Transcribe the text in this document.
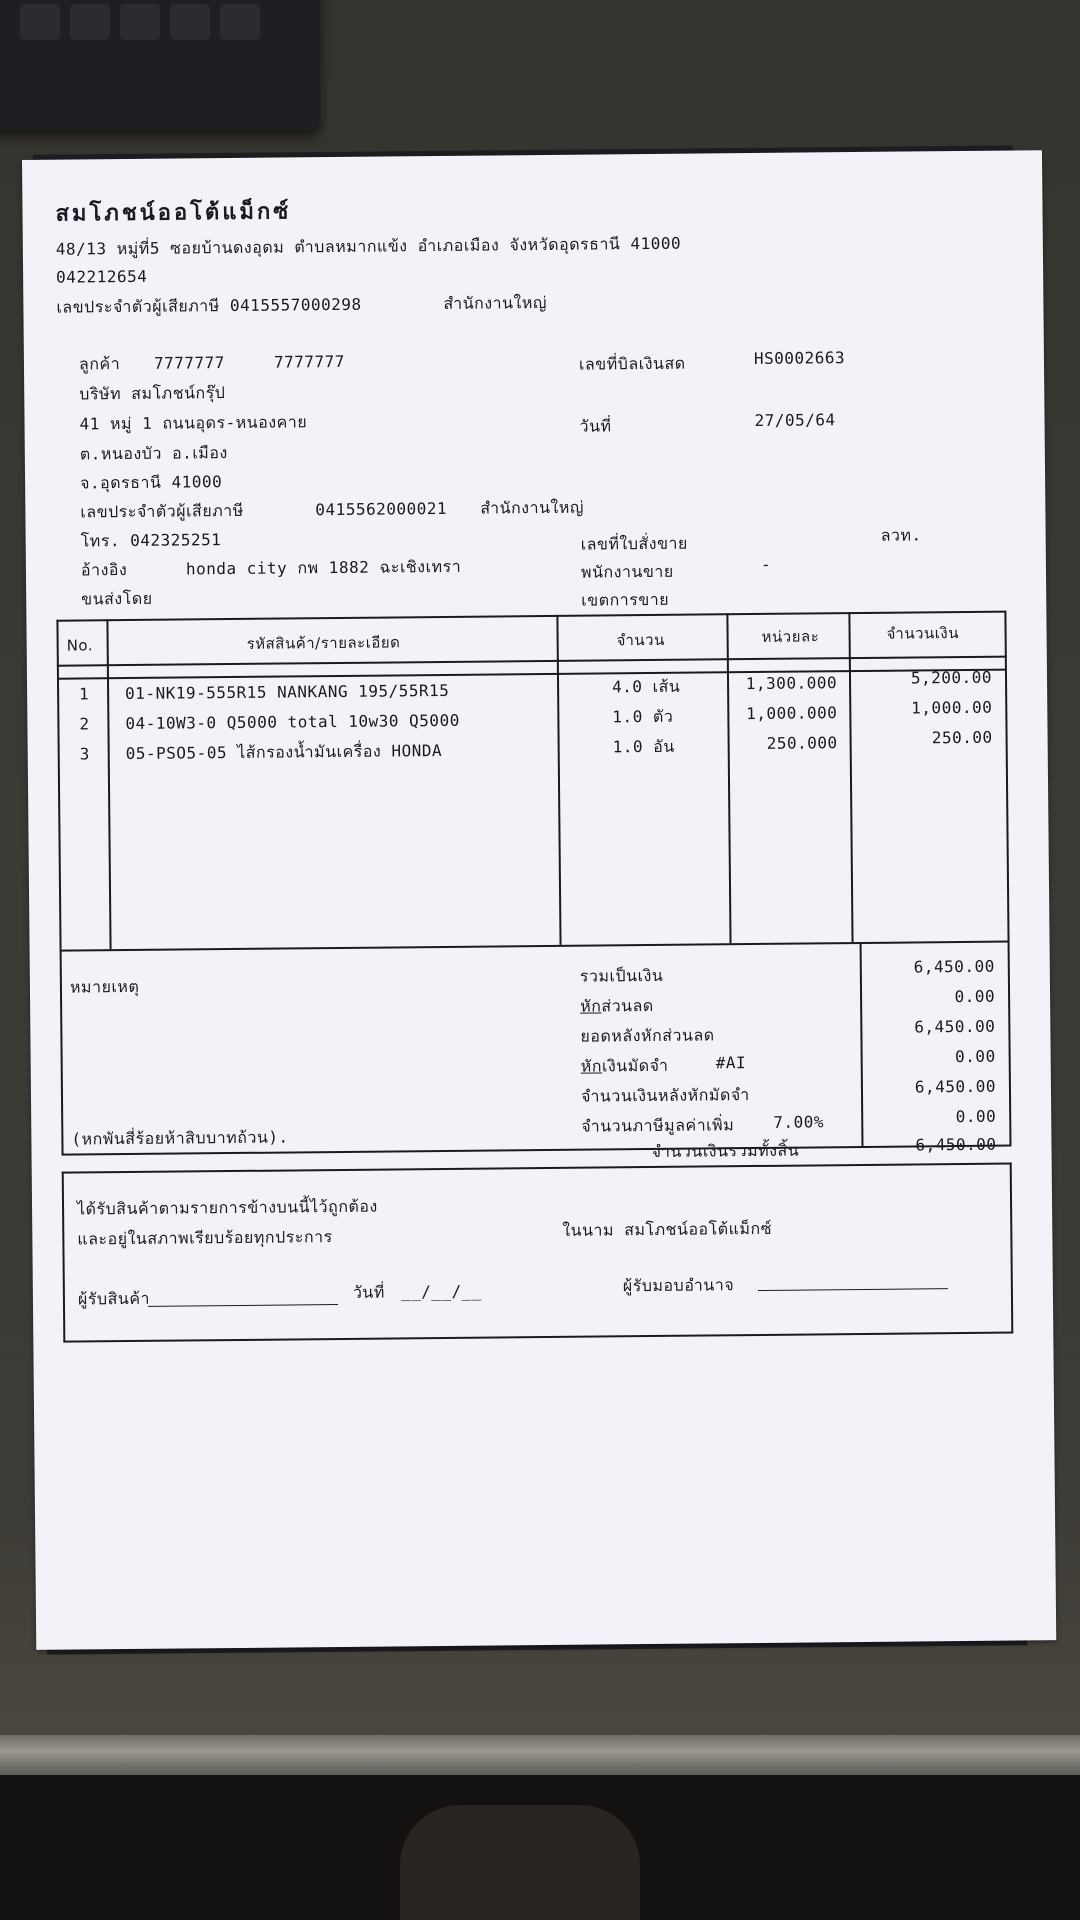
สมโภชน์ออโต้แม็กซ์
48/13 หมู่ที่5 ซอยบ้านดงอุดม ตำบลหมากแข้ง อำเภอเมือง จังหวัดอุดรธานี 41000
042212654
เลขประจำตัวผู้เสียภาษี 0415557000298	สำนักงานใหญ่
ลูกค้า 7777777	7777777
บริษัท สมโภชน์กรุ๊ป
41 หมู่ 1 ถนนอุดร-หนองคาย
ต.หนองบัว อ.เมือง
จ.อุดรธานี 41000
เลขประจำตัวผู้เสียภาษี	0415562000021 สำนักงานใหญ่
โทร. 042325251
อ้างอิง	honda city กพ 1882 ฉะเชิงเทรา
ขนส่งโดย
เลขที่บิลเงินสด	HS0002663
วันที่	27/05/64
เลขที่ใบสั่งขาย	ลวท.
พนักงานขาย	-
เขตการขาย
No.	รหัสสินค้า/รายละเอียด	จำนวน	หน่วยละ	จำนวนเงิน
1 01-NK19-555R15 NANKANG 195/55R15	4.0 เส้น	1,300.000	5,200.00
2 04-10W3-0 Q5000 total 10w30 Q5000	1.0 ตัว	1,000.000	1,000.00
3 05-PSO5-05 ไส้กรองน้ำมันเครื่อง HONDA	1.0 อัน	250.000	250.00
หมายเหตุ
(หกพันสี่ร้อยห้าสิบบาทถ้วน).
รวมเป็นเงิน	6,450.00
หักส่วนลด	0.00
ยอดหลังหักส่วนลด	6,450.00
หักเงินมัดจำ	#AI	0.00
จำนวนเงินหลังหักมัดจำ	6,450.00
จำนวนภาษีมูลค่าเพิ่ม 7.00%	0.00
จำนวนเงินรวมทั้งสิ้น	6,450.00
ได้รับสินค้าตามรายการข้างบนนี้ไว้ถูกต้อง
และอยู่ในสภาพเรียบร้อยทุกประการ	ในนาม สมโภชน์ออโต้แม็กซ์
ผู้รับสินค้า	วันที่ __/__/__	ผู้รับมอบอำนาจ
